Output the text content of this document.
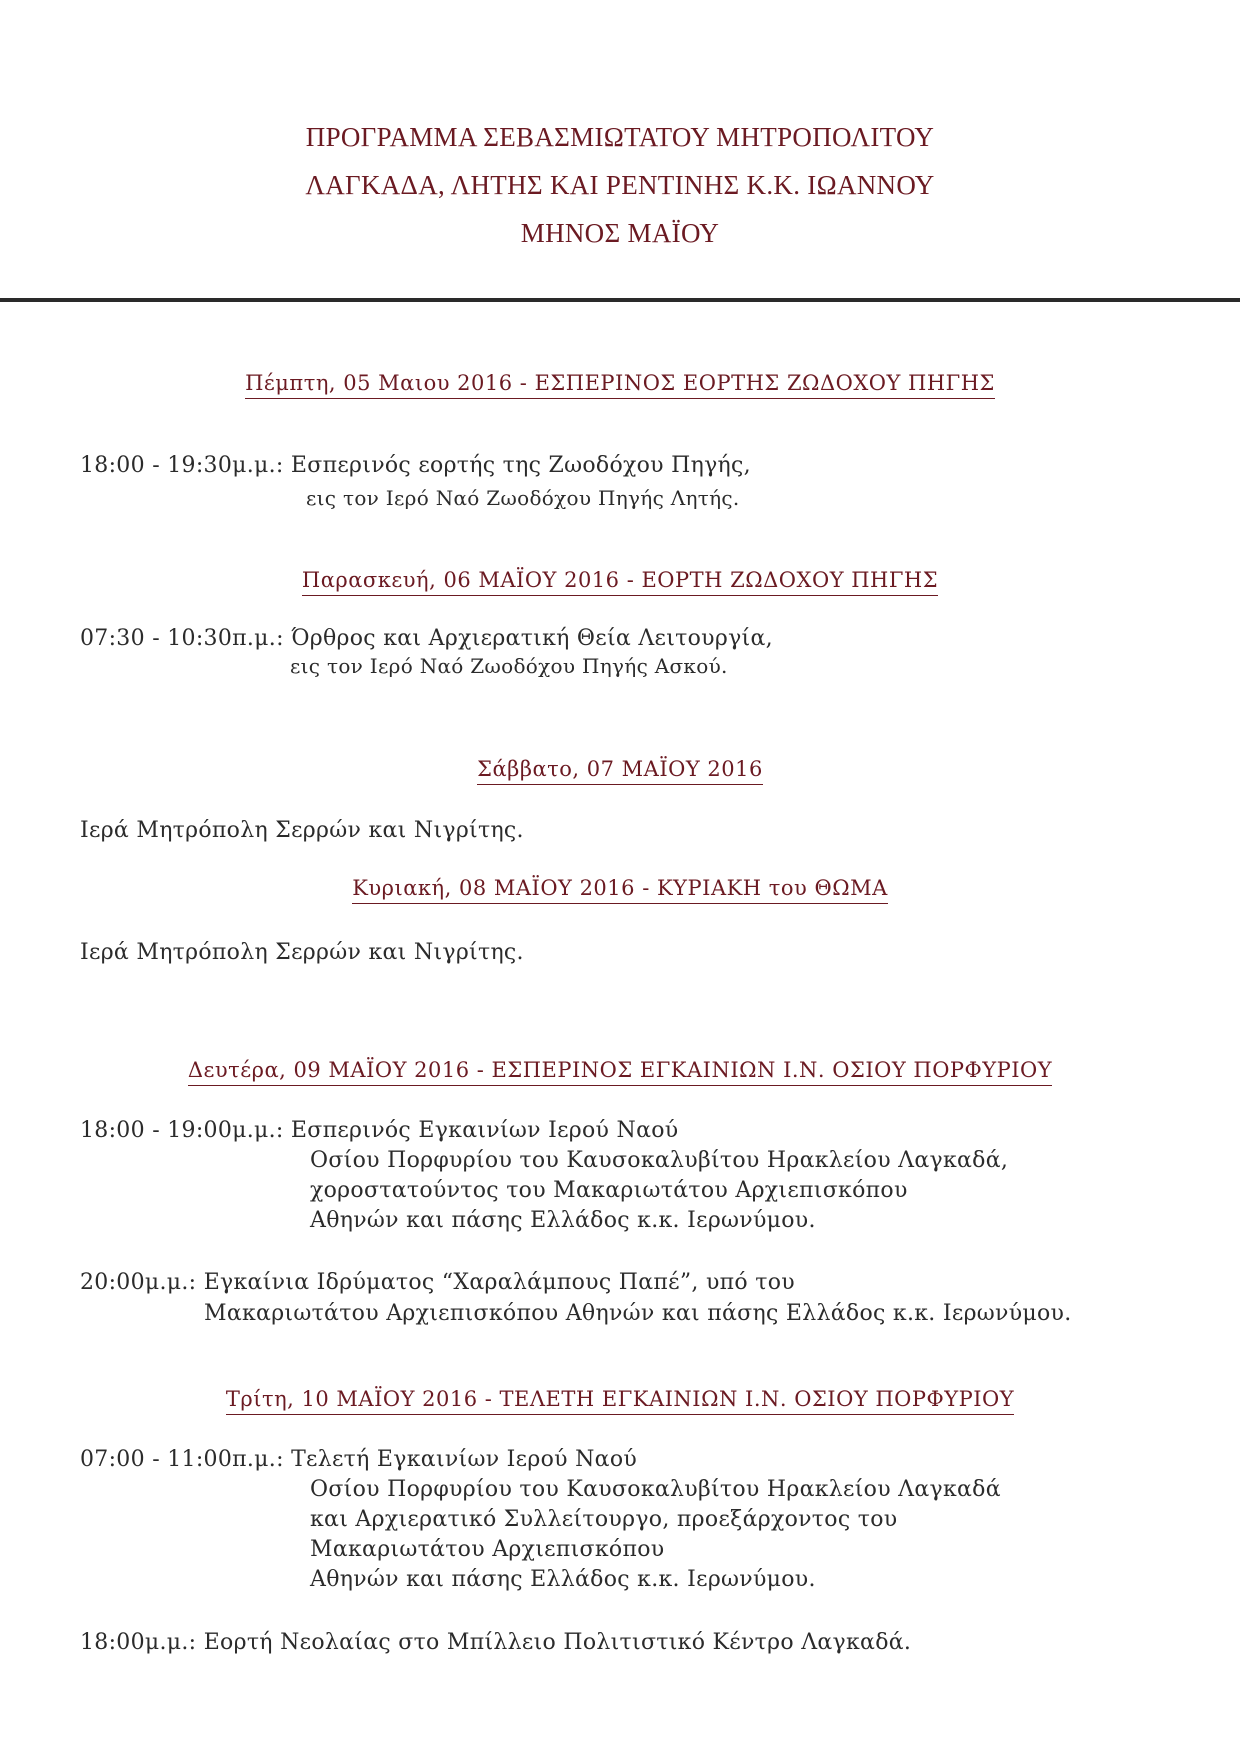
ΠΡΟΓΡΑΜΜΑ ΣΕΒΑΣΜΙΩΤΑΤΟΥ ΜΗΤΡΟΠΟΛΙΤΟΥ
ΛΑΓΚΑΔΑ, ΛΗΤΗΣ ΚΑΙ ΡΕΝΤΙΝΗΣ Κ.Κ. ΙΩΑΝΝΟΥ
ΜΗΝΟΣ ΜΑΪΟΥ
Πέμπτη, 05 Μαιου 2016 - ΕΣΠΕΡΙΝΟΣ ΕΟΡΤΗΣ ΖΩΔΟΧΟΥ ΠΗΓΗΣ
18:00 - 19:30μ.μ.: Εσπερινός εορτής της Ζωοδόχου Πηγής,
εις τον Ιερό Ναό Ζωοδόχου Πηγής Λητής.
Παρασκευή, 06 ΜΑΪΟΥ 2016 - ΕΟΡΤΗ ΖΩΔΟΧΟΥ ΠΗΓΗΣ
07:30 - 10:30π.μ.: Όρθρος και Αρχιερατική Θεία Λειτουργία,
εις τον Ιερό Ναό Ζωοδόχου Πηγής Ασκού.
Σάββατο, 07 ΜΑΪΟΥ 2016
Ιερά Μητρόπολη Σερρών και Νιγρίτης.
Κυριακή, 08 ΜΑΪΟΥ 2016 - ΚΥΡΙΑΚΗ του ΘΩΜΑ
Ιερά Μητρόπολη Σερρών και Νιγρίτης.
Δευτέρα, 09 ΜΑΪΟΥ 2016 - ΕΣΠΕΡΙΝΟΣ ΕΓΚΑΙΝΙΩΝ Ι.Ν. ΟΣΙΟΥ ΠΟΡΦΥΡΙΟΥ
18:00 - 19:00μ.μ.: Εσπερινός Εγκαινίων Ιερού Ναού
Οσίου Πορφυρίου του Καυσοκαλυβίτου Ηρακλείου Λαγκαδά,
χοροστατούντος του Μακαριωτάτου Αρχιεπισκόπου
Αθηνών και πάσης Ελλάδος κ.κ. Ιερωνύμου.
20:00μ.μ.: Εγκαίνια Ιδρύματος “Χαραλάμπους Παπέ”, υπό του
Μακαριωτάτου Αρχιεπισκόπου Αθηνών και πάσης Ελλάδος κ.κ. Ιερωνύμου.
Τρίτη, 10 ΜΑΪΟΥ 2016 - ΤΕΛΕΤΗ ΕΓΚΑΙΝΙΩΝ Ι.Ν. ΟΣΙΟΥ ΠΟΡΦΥΡΙΟΥ
07:00 - 11:00π.μ.: Τελετή Εγκαινίων Ιερού Ναού
Οσίου Πορφυρίου του Καυσοκαλυβίτου Ηρακλείου Λαγκαδά
και Αρχιερατικό Συλλείτουργο, προεξάρχοντος του
Μακαριωτάτου Αρχιεπισκόπου
Αθηνών και πάσης Ελλάδος κ.κ. Ιερωνύμου.
18:00μ.μ.: Εορτή Νεολαίας στο Μπίλλειο Πολιτιστικό Κέντρο Λαγκαδά.
